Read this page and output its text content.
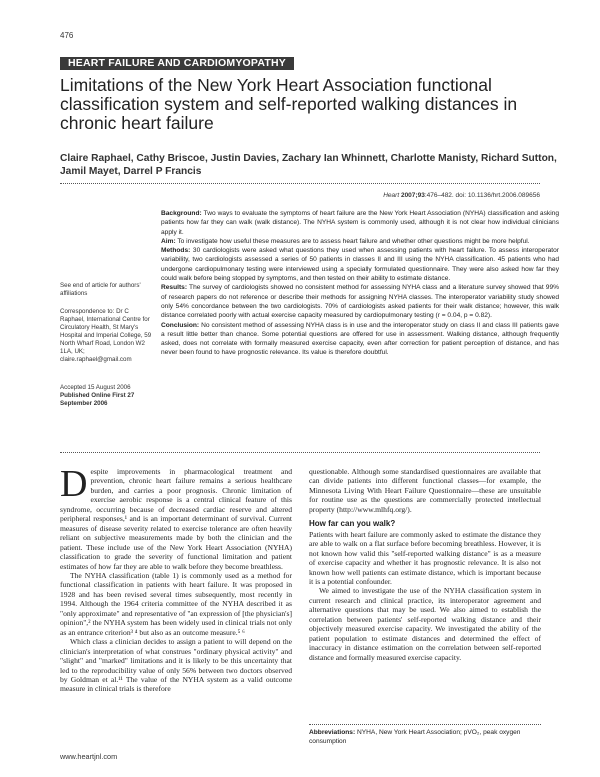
476
HEART FAILURE AND CARDIOMYOPATHY
Limitations of the New York Heart Association functional classification system and self-reported walking distances in chronic heart failure
Claire Raphael, Cathy Briscoe, Justin Davies, Zachary Ian Whinnett, Charlotte Manisty, Richard Sutton, Jamil Mayet, Darrel P Francis
Heart 2007;93:476–482. doi: 10.1136/hrt.2006.089656

Background: Two ways to evaluate the symptoms of heart failure are the New York Heart Association (NYHA) classification and asking patients how far they can walk (walk distance). The NYHA system is commonly used, although it is not clear how individual clinicians apply it.

Aim: To investigate how useful these measures are to assess heart failure and whether other questions might be more helpful.

Methods: 30 cardiologists were asked what questions they used when assessing patients with heart failure. To assess interoperator variability, two cardiologists assessed a series of 50 patients in classes II and III using the NYHA classification. 45 patients who had undergone cardiopulmonary testing were interviewed using a specially formulated questionnaire. They were also asked how far they could walk before being stopped by symptoms, and then tested on their ability to estimate distance.

Results: The survey of cardiologists showed no consistent method for assessing NYHA class and a literature survey showed that 99% of research papers do not reference or describe their methods for assigning NYHA classes. The interoperator variability study showed only 54% concordance between the two cardiologists. 70% of cardiologists asked patients for their walk distance; however, this walk distance correlated poorly with actual exercise capacity measured by cardiopulmonary testing (r = 0.04, p = 0.82).

Conclusion: No consistent method of assessing NYHA class is in use and the interoperator study on class II and class III patients gave a result little better than chance. Some potential questions are offered for use in assessment. Walking distance, although frequently asked, does not correlate with formally measured exercise capacity, even after correction for patient perception of distance, and has never been found to have prognostic relevance. Its value is therefore doubtful.

See end of article for authors' affiliations
Correspondence to: Dr C Raphael, International Centre for Circulatory Health, St Mary's Hospital and Imperial College, 59 North Wharf Road, London W2 1LA, UK; claire.raphael@gmail.com
Accepted 15 August 2006
Published Online First 27 September 2006
D espite improvements in pharmacological treatment and prevention, chronic heart failure remains a serious healthcare burden, and carries a poor prognosis. Chronic limitation of exercise aerobic response is a central clinical feature of this syndrome, occurring because of decreased cardiac reserve and altered peripheral responses,¹ and is an important determinant of survival. Current measures of disease severity related to exercise tolerance are often heavily reliant on subjective measurements made by both the clinician and the patient. These include use of the New York Heart Association (NYHA) classification to grade the severity of functional limitation and patient estimates of how far they are able to walk before they become breathless.

The NYHA classification (table 1) is commonly used as a method for functional classification in patients with heart failure. It was proposed in 1928 and has been revised several times subsequently, most recently in 1994. Although the 1964 criteria committee of the NYHA described it as "only approximate" and representative of "an expression of [the physician's] opinion",² the NYHA system has been widely used in clinical trials not only as an entrance criterion³ ⁴ but also as an outcome measure.⁵ ⁶

Which class a clinician decides to assign a patient to will depend on the clinician's interpretation of what construes "ordinary physical activity" and "slight" and "marked" limitations and it is likely to be this uncertainty that led to the reproducibility value of only 56% between two doctors observed by Goldman et al.¹¹ The value of the NYHA system as a valid outcome measure in clinical trials is therefore

questionable. Although some standardised questionnaires are available that can divide patients into different functional classes—for example, the Minnesota Living With Heart Failure Questionnaire—these are unsuitable for routine use as the questions are commercially protected intellectual property (http://www.mlhfq.org/).

How far can you walk?

Patients with heart failure are commonly asked to estimate the distance they are able to walk on a flat surface before becoming breathless. However, it is not known how valid this "self-reported walking distance" is as a measure of exercise capacity and whether it has prognostic relevance. It is also not known how well patients can estimate distance, which is important because it is a potential confounder.

We aimed to investigate the use of the NYHA classification system in current research and clinical practice, its interoperator agreement and alternative questions that may be used. We also aimed to establish the correlation between patients' self-reported walking distance and their objectively measured exercise capacity. We investigated the ability of the patient population to estimate distances and determined the effect of inaccuracy in distance estimation on the correlation between self-reported distance and formally measured exercise capacity.

Abbreviations: NYHA, New York Heart Association; pVO₂, peak oxygen consumption
www.heartjnl.com
